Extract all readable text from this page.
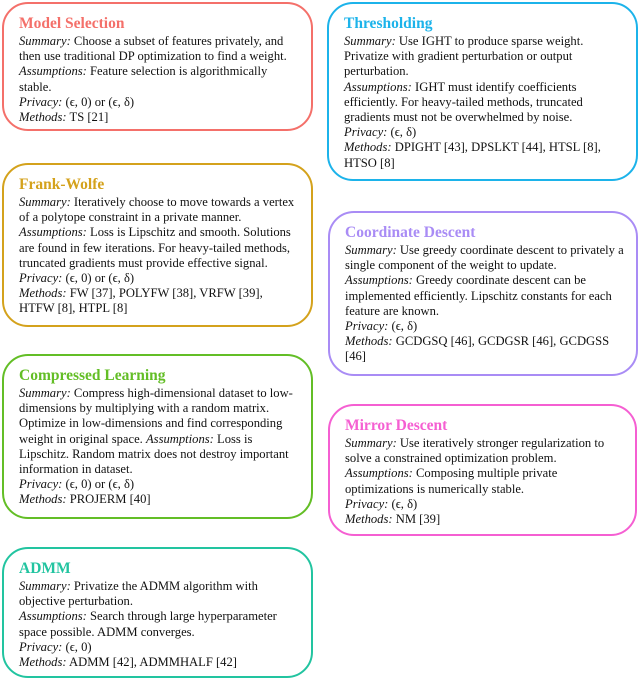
Model Selection
Summary: Choose a subset of features privately, and then use traditional DP optimization to find a weight.
Assumptions: Feature selection is algorithmically stable.
Privacy: (ϵ, 0) or (ϵ, δ)
Methods: TS [21]
Frank-Wolfe
Summary: Iteratively choose to move towards a vertex of a polytope constraint in a private manner.
Assumptions: Loss is Lipschitz and smooth. Solutions are found in few iterations. For heavy-tailed methods, truncated gradients must provide effective signal.
Privacy: (ϵ, 0) or (ϵ, δ)
Methods: FW [37], POLYFW [38], VRFW [39], HTFW [8], HTPL [8]
Compressed Learning
Summary: Compress high-dimensional dataset to low-dimensions by multiplying with a random matrix. Optimize in low-dimensions and find corresponding weight in original space. Assumptions: Loss is Lipschitz. Random matrix does not destroy important information in dataset.
Privacy: (ϵ, 0) or (ϵ, δ)
Methods: PROJERM [40]
ADMM
Summary: Privatize the ADMM algorithm with objective perturbation.
Assumptions: Search through large hyperparameter space possible. ADMM converges.
Privacy: (ϵ, 0)
Methods: ADMM [42], ADMMHALF [42]
Thresholding
Summary: Use IGHT to produce sparse weight. Privatize with gradient perturbation or output perturbation.
Assumptions: IGHT must identify coefficients efficiently. For heavy-tailed methods, truncated gradients must not be overwhelmed by noise.
Privacy: (ϵ, δ)
Methods: DPIGHT [43], DPSLKT [44], HTSL [8], HTSO [8]
Coordinate Descent
Summary: Use greedy coordinate descent to privately a single component of the weight to update.
Assumptions: Greedy coordinate descent can be implemented efficiently. Lipschitz constants for each feature are known.
Privacy: (ϵ, δ)
Methods: GCDGSQ [46], GCDGSR [46], GCDGSS [46]
Mirror Descent
Summary: Use iteratively stronger regularization to solve a constrained optimization problem.
Assumptions: Composing multiple private optimizations is numerically stable.
Privacy: (ϵ, δ)
Methods: NM [39]
